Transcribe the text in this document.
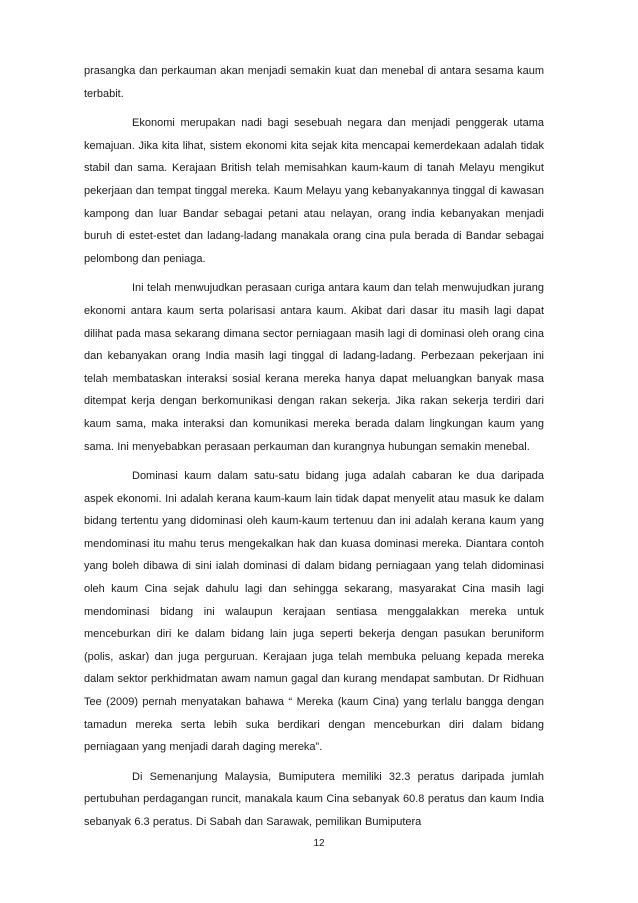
prasangka dan perkauman akan menjadi semakin kuat dan menebal di antara sesama kaum terbabit.

Ekonomi merupakan nadi bagi sesebuah negara dan menjadi penggerak utama kemajuan. Jika kita lihat, sistem ekonomi kita sejak kita mencapai kemerdekaan adalah tidak stabil dan sama. Kerajaan British telah memisahkan kaum-kaum di tanah Melayu mengikut pekerjaan dan tempat tinggal mereka. Kaum Melayu yang kebanyakannya tinggal di kawasan kampong dan luar Bandar sebagai petani atau nelayan, orang india kebanyakan menjadi buruh di estet-estet dan ladang-ladang manakala orang cina pula berada di Bandar sebagai pelombong dan peniaga.

Ini telah menwujudkan perasaan curiga antara kaum dan telah menwujudkan jurang ekonomi antara kaum serta polarisasi antara kaum. Akibat dari dasar itu masih lagi dapat dilihat pada masa sekarang dimana sector perniagaan masih lagi di dominasi oleh orang cina dan kebanyakan orang India masih lagi tinggal di ladang-ladang. Perbezaan pekerjaan ini telah membataskan interaksi sosial kerana mereka hanya dapat meluangkan banyak masa ditempat kerja dengan berkomunikasi dengan rakan sekerja. Jika rakan sekerja terdiri dari kaum sama, maka interaksi dan komunikasi mereka berada dalam lingkungan kaum yang sama. Ini menyebabkan perasaan perkauman dan kurangnya hubungan semakin menebal.

Dominasi kaum dalam satu-satu bidang juga adalah cabaran ke dua daripada aspek ekonomi. Ini adalah kerana kaum-kaum lain tidak dapat menyelit atau masuk ke dalam bidang tertentu yang didominasi oleh kaum-kaum tertenuu dan ini adalah kerana kaum yang mendominasi itu mahu terus mengekalkan hak dan kuasa dominasi mereka. Diantara contoh yang boleh dibawa di sini ialah dominasi di dalam bidang perniagaan yang telah didominasi oleh kaum Cina sejak dahulu lagi dan sehingga sekarang, masyarakat Cina masih lagi mendominasi bidang ini walaupun kerajaan sentiasa menggalakkan mereka untuk menceburkan diri ke dalam bidang lain juga seperti bekerja dengan pasukan beruniform (polis, askar) dan juga perguruan. Kerajaan juga telah membuka peluang kepada mereka dalam sektor perkhidmatan awam namun gagal dan kurang mendapat sambutan. Dr Ridhuan Tee (2009) pernah menyatakan bahawa “ Mereka (kaum Cina) yang terlalu bangga dengan tamadun mereka serta lebih suka berdikari dengan menceburkan diri dalam bidang perniagaan yang menjadi darah daging mereka”.

Di Semenanjung Malaysia, Bumiputera memiliki 32.3 peratus daripada jumlah pertubuhan perdagangan runcit, manakala kaum Cina sebanyak 60.8 peratus dan kaum India sebanyak 6.3 peratus. Di Sabah dan Sarawak, pemilikan Bumiputera

12
